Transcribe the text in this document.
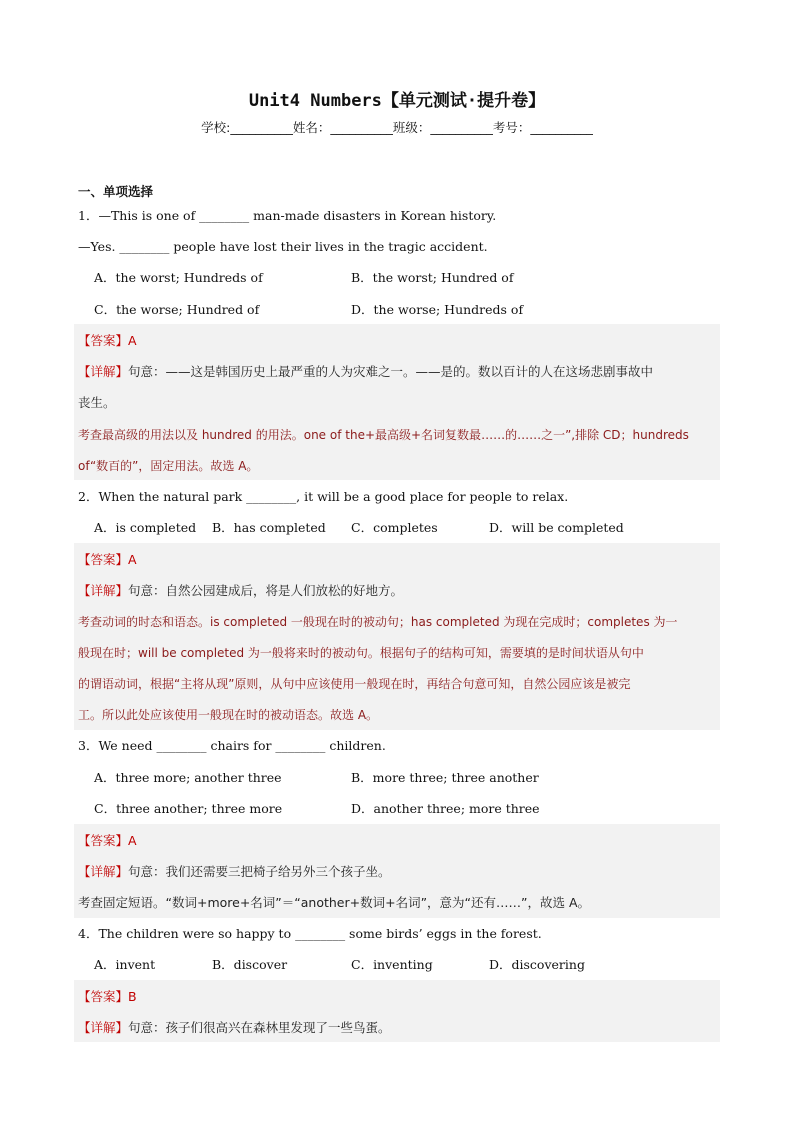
Unit4 Numbers【单元测试·提升卷】
学校:__________姓名：__________班级：__________考号：__________
一、单项选择
1．—This is one of ________ man-made disasters in Korean history.
—Yes. ________ people have lost their lives in the tragic accident.
A．the worst; Hundreds of	B．the worst; Hundred of
C．the worse; Hundred of	D．the worse; Hundreds of
【答案】A
【详解】句意：——这是韩国历史上最严重的人为灾难之一。——是的。数以百计的人在这场悲剧事故中
丧生。
考查最高级的用法以及 hundred 的用法。one of the+最高级+名词复数最……的……之一”,排除 CD；hundreds
of“数百的”，固定用法。故选 A。
2．When the natural park ________, it will be a good place for people to relax.
A．is completed B．has completed C．completes	D．will be completed
【答案】A
【详解】句意：自然公园建成后，将是人们放松的好地方。
考查动词的时态和语态。is completed 一般现在时的被动句；has completed 为现在完成时；completes 为一
般现在时；will be completed 为一般将来时的被动句。根据句子的结构可知，需要填的是时间状语从句中
的谓语动词，根据“主将从现”原则，从句中应该使用一般现在时，再结合句意可知，自然公园应该是被完
工。所以此处应该使用一般现在时的被动语态。故选 A。
3．We need ________ chairs for ________ children.
A．three more; another three	B．more three; three another
C．three another; three more	D．another three; more three
【答案】A
【详解】句意：我们还需要三把椅子给另外三个孩子坐。
考查固定短语。“数词+more+名词”＝“another+数词+名词”，意为“还有……”，故选 A。
4．The children were so happy to ________ some birds’ eggs in the forest.
A．invent	B．discover	C．inventing	D．discovering
【答案】B
【详解】句意：孩子们很高兴在森林里发现了一些鸟蛋。
